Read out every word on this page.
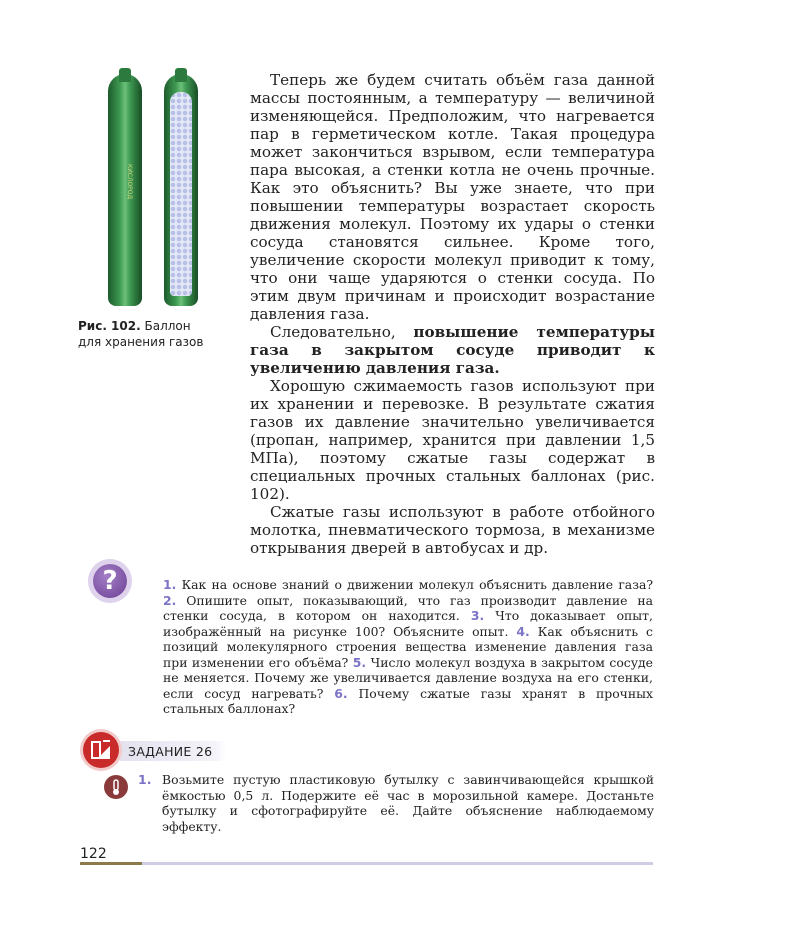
КИСЛОРОД
Рис. 102. Баллон
для хранения газов

Теперь же будем считать объём газа данной массы постоянным, а температуру — величиной изменяющейся. Предположим, что нагревается пар в герметическом котле. Такая процедура может закончиться взрывом, если температура пара высокая, а стенки котла не очень прочные. Как это объяснить? Вы уже знаете, что при повышении температуры возрастает скорость движения молекул. Поэтому их удары о стенки сосуда становятся сильнее. Кроме того, увеличение скорости молекул приводит к тому, что они чаще ударяются о стенки сосуда. По этим двум причинам и происходит возрастание давления газа.

Следовательно, повышение температуры газа в закрытом сосуде приводит к увеличению давления газа.

Хорошую сжимаемость газов используют при их хранении и перевозке. В результате сжатия газов их давление значительно увеличивается (пропан, например, хранится при давлении 1,5 МПа), поэтому сжатые газы содержат в специальных прочных стальных баллонах (рис. 102).

Сжатые газы используют в работе отбойного молотка, пневматического тормоза, в механизме открывания дверей в автобусах и др.

?	1. Как на основе знаний о движении молекул объяснить давление газа? 2. Опишите опыт, показывающий, что газ производит давление на стенки сосуда, в котором он находится. 3. Что доказывает опыт, изображённый на рисунке 100? Объясните опыт. 4. Как объяснить с позиций молекулярного строения вещества изменение давления газа при изменении его объёма? 5. Число молекул воздуха в закрытом сосуде не меняется. Почему же увеличивается давление воздуха на его стенки, если сосуд нагревать? 6. Почему сжатые газы хранят в прочных стальных баллонах?
ЗАДАНИЕ 26
1. Возьмите пустую пластиковую бутылку с завинчивающейся крышкой ёмкостью 0,5 л. Подержите её час в морозильной камере. Достаньте бутылку и сфотографируйте её. Дайте объяснение наблюдаемому эффекту.
122
